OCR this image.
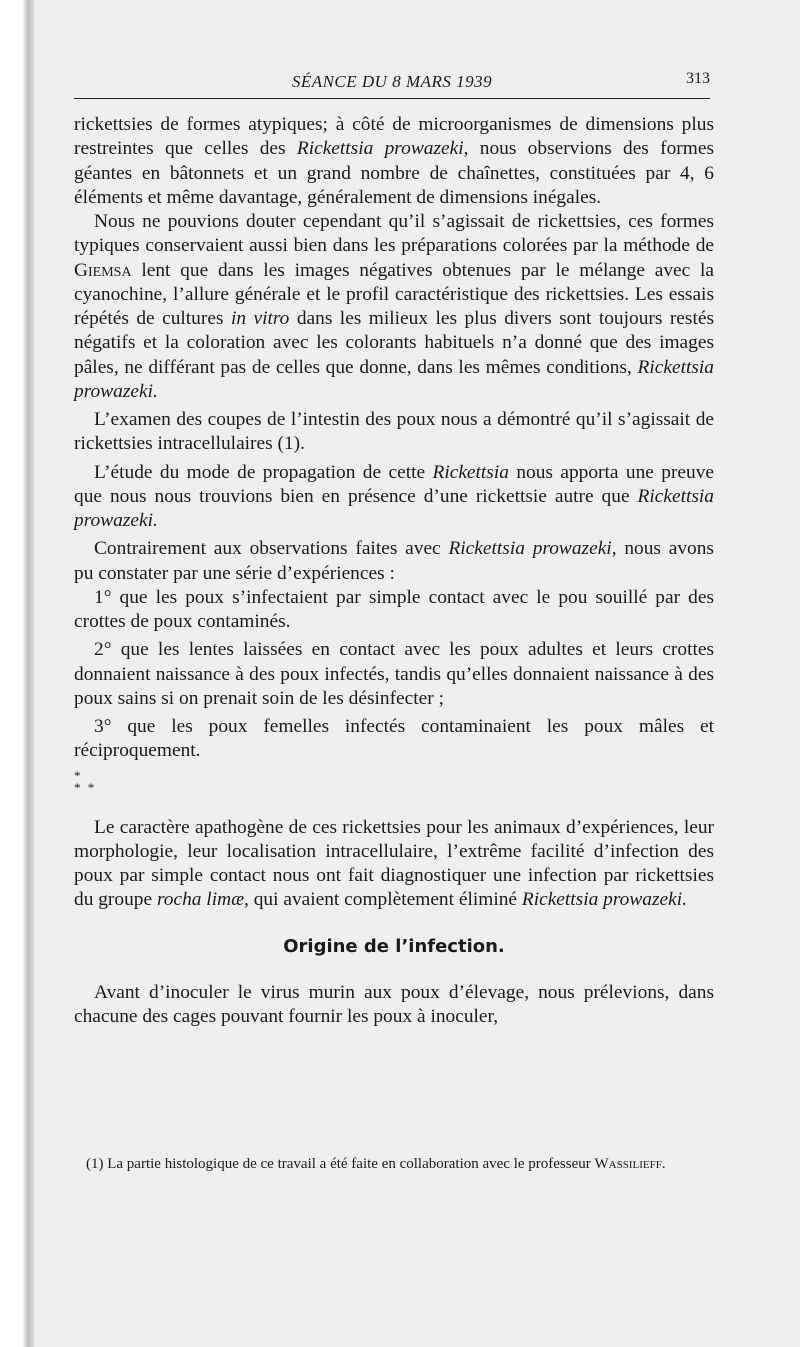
SÉANCE DU 8 MARS 1939	313

rickettsies de formes atypiques; à côté de microorganismes de dimensions plus restreintes que celles des Rickettsia prowazeki, nous observions des formes géantes en bâtonnets et un grand nombre de chaînettes, constituées par 4, 6 éléments et même davantage, généralement de dimensions inégales.

Nous ne pouvions douter cependant qu’il s’agissait de rickettsies, ces formes typiques conservaient aussi bien dans les préparations colorées par la méthode de Giemsa lent que dans les images négatives obtenues par le mélange avec la cyanochine, l’allure générale et le profil caractéristique des rickettsies. Les essais répétés de cultures in vitro dans les milieux les plus divers sont toujours restés négatifs et la coloration avec les colorants habituels n’a donné que des images pâles, ne différant pas de celles que donne, dans les mêmes conditions, Rickettsia prowazeki.

L’examen des coupes de l’intestin des poux nous a démontré qu’il s’agissait de rickettsies intracellulaires (1).

L’étude du mode de propagation de cette Rickettsia nous apporta une preuve que nous nous trouvions bien en présence d’une rickettsie autre que Rickettsia prowazeki.

Contrairement aux observations faites avec Rickettsia prowazeki, nous avons pu constater par une série d’expériences :

1° que les poux s’infectaient par simple contact avec le pou souillé par des crottes de poux contaminés.

2° que les lentes laissées en contact avec les poux adultes et leurs crottes donnaient naissance à des poux infectés, tandis qu’elles donnaient naissance à des poux sains si on prenait soin de les désinfecter ;

3° que les poux femelles infectés contaminaient les poux mâles et réciproquement.

*
* *

Le caractère apathogène de ces rickettsies pour les animaux d’expériences, leur morphologie, leur localisation intracellulaire, l’extrême facilité d’infection des poux par simple contact nous ont fait diagnostiquer une infection par rickettsies du groupe rocha limæ, qui avaient complètement éliminé Rickettsia prowazeki.

Origine de l’infection.

Avant d’inoculer le virus murin aux poux d’élevage, nous prélevions, dans chacune des cages pouvant fournir les poux à inoculer,

(1) La partie histologique de ce travail a été faite en collaboration avec le professeur Wassilieff.
